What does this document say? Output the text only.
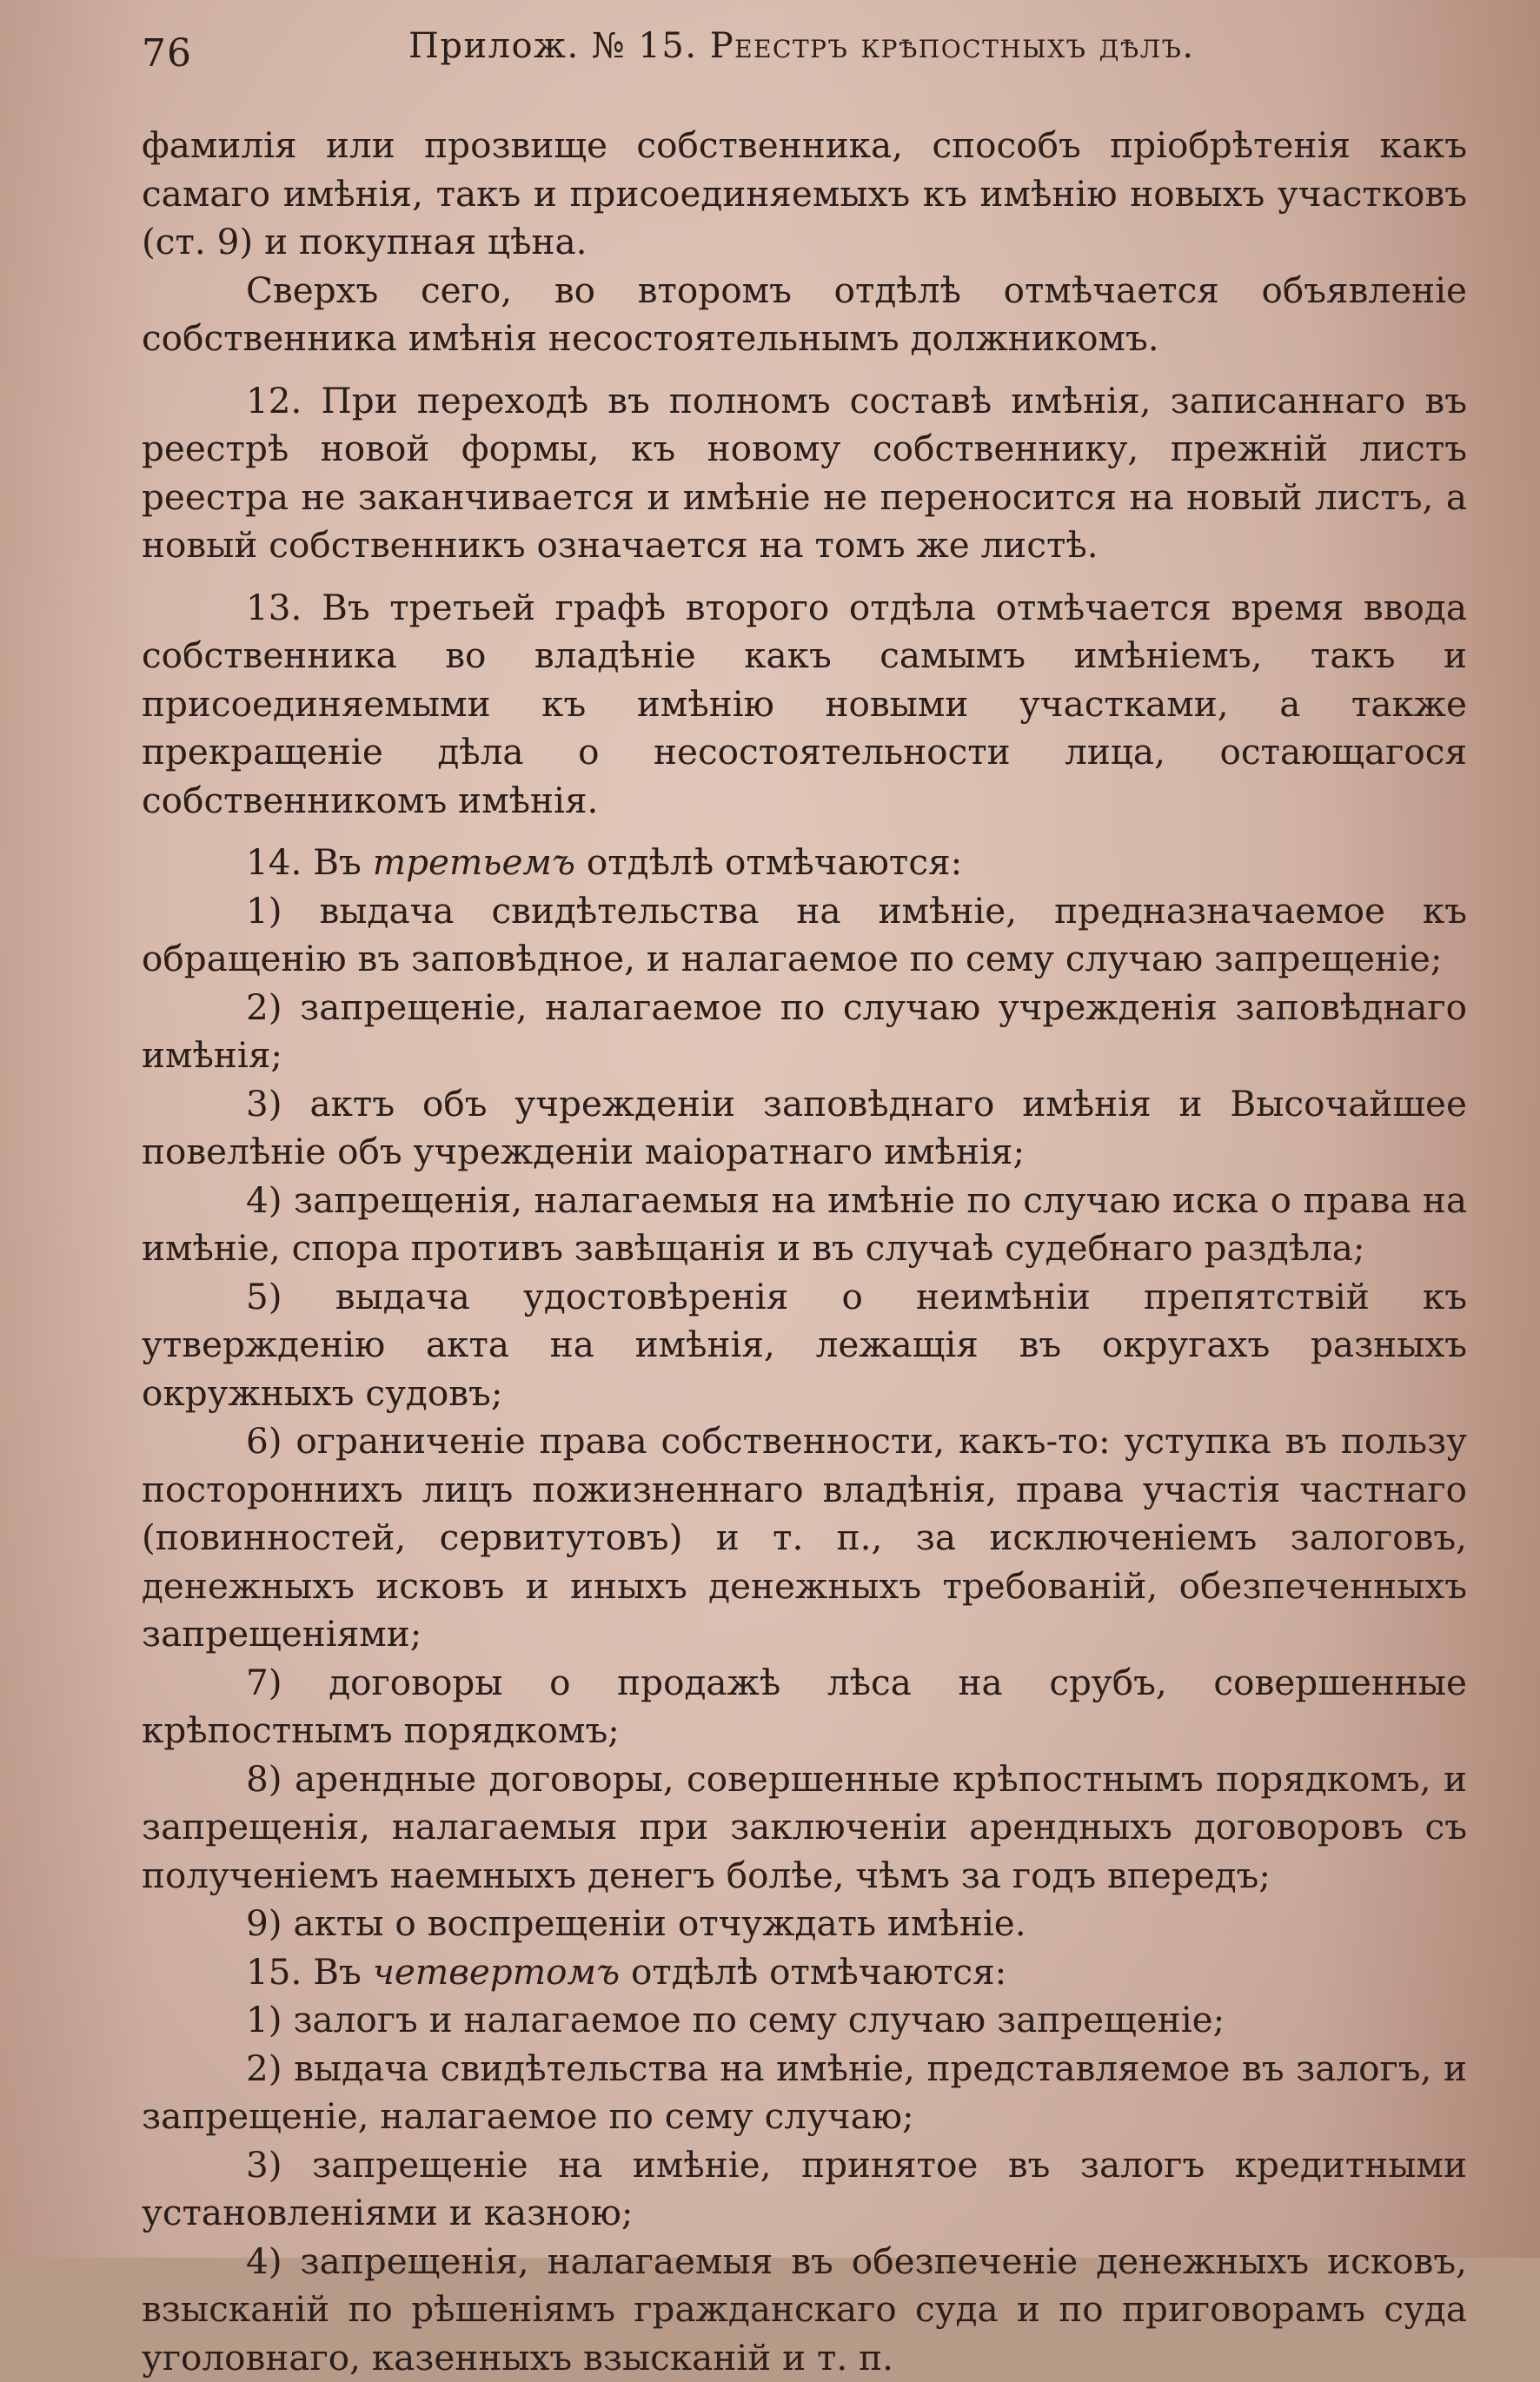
76	Прилож. № 15. Реестръ крѣпостныхъ дѣлъ.

фамилія или прозвище собственника, способъ пріобрѣтенія какъ самаго имѣнія, такъ и присоединяемыхъ къ имѣнію новыхъ участковъ (ст. 9) и покупная цѣна.

Сверхъ сего, во второмъ отдѣлѣ отмѣчается объявленіе собственника имѣнія несостоятельнымъ должникомъ.

12. При переходѣ въ полномъ составѣ имѣнія, записаннаго въ реестрѣ новой формы, къ новому собственнику, прежній листъ реестра не заканчивается и имѣніе не переносится на новый листъ, а новый собственникъ означается на томъ же листѣ.

13. Въ третьей графѣ второго отдѣла отмѣчается время ввода собственника во владѣніе какъ самымъ имѣніемъ, такъ и присоединяемыми къ имѣнію новыми участками, а также прекращеніе дѣла о несостоятельности лица, остающагося собственникомъ имѣнія.

14. Въ третьемъ отдѣлѣ отмѣчаются:

1) выдача свидѣтельства на имѣніе, предназначаемое къ обращенію въ заповѣдное, и налагаемое по сему случаю запрещеніе;

2) запрещеніе, налагаемое по случаю учрежденія заповѣднаго имѣнія;

3) актъ объ учрежденіи заповѣднаго имѣнія и Высочайшее повелѣніе объ учрежденіи маіоратнаго имѣнія;

4) запрещенія, налагаемыя на имѣніе по случаю иска о права на имѣніе, спора противъ завѣщанія и въ случаѣ судебнаго раздѣла;

5) выдача удостовѣренія о неимѣніи препятствій къ утвержденію акта на имѣнія, лежащія въ округахъ разныхъ окружныхъ судовъ;

6) ограниченіе права собственности, какъ-то: уступка въ пользу постороннихъ лицъ пожизненнаго владѣнія, права участія частнаго (повинностей, сервитутовъ) и т. п., за исключеніемъ залоговъ, денежныхъ исковъ и иныхъ денежныхъ требованій, обезпеченныхъ запрещеніями;

7) договоры о продажѣ лѣса на срубъ, совершенные крѣпостнымъ порядкомъ;

8) арендные договоры, совершенные крѣпостнымъ порядкомъ, и запрещенія, налагаемыя при заключеніи арендныхъ договоровъ съ полученіемъ наемныхъ денегъ болѣе, чѣмъ за годъ впередъ;

9) акты о воспрещеніи отчуждать имѣніе.

15. Въ четвертомъ отдѣлѣ отмѣчаются:

1) залогъ и налагаемое по сему случаю запрещеніе;

2) выдача свидѣтельства на имѣніе, представляемое въ залогъ, и запрещеніе, налагаемое по сему случаю;

3) запрещеніе на имѣніе, принятое въ залогъ кредитными установленіями и казною;

4) запрещенія, налагаемыя въ обезпеченіе денежныхъ исковъ, взысканій по рѣшеніямъ гражданскаго суда и по приговорамъ суда уголовнаго, казенныхъ взысканій и т. п.
